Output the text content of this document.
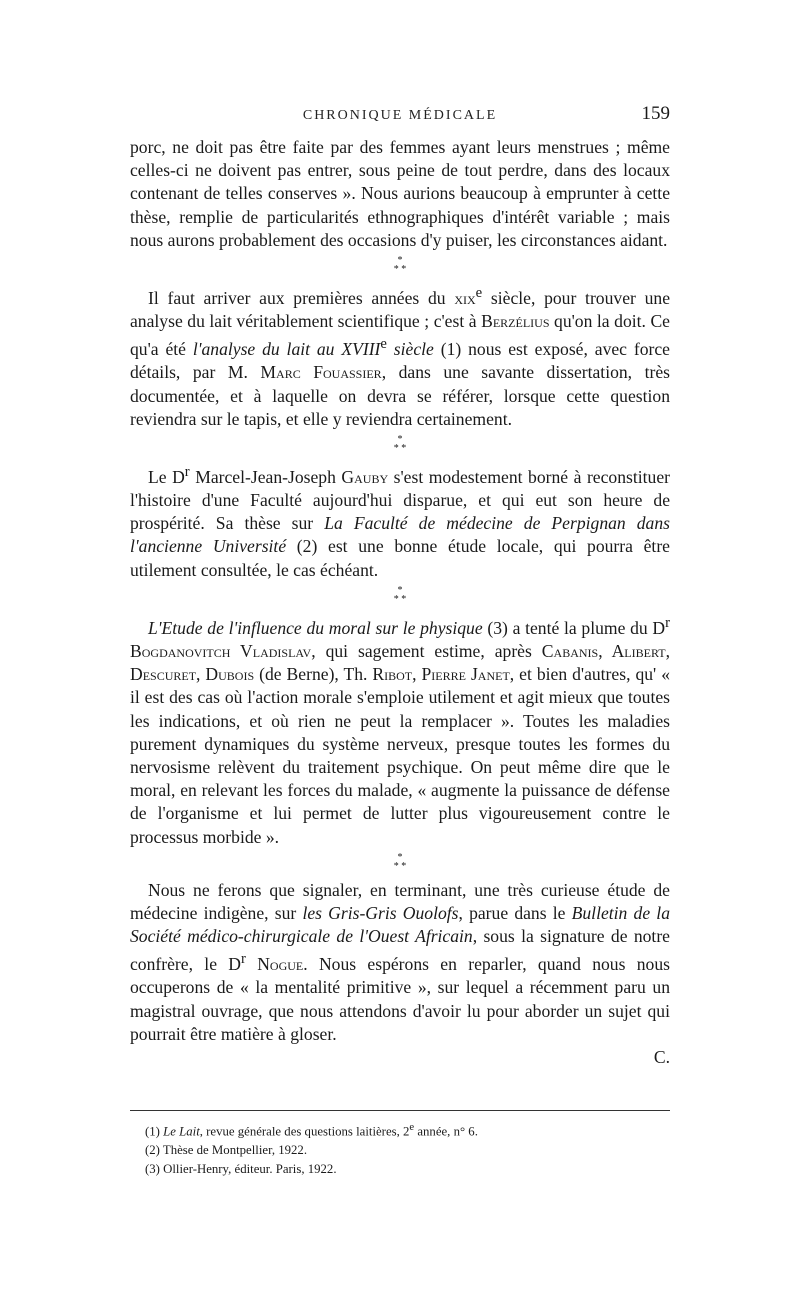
CHRONIQUE MÉDICALE	159

porc, ne doit pas être faite par des femmes ayant leurs menstrues ; même celles-ci ne doivent pas entrer, sous peine de tout perdre, dans des locaux contenant de telles conserves ». Nous aurions beaucoup à emprunter à cette thèse, remplie de particularités ethnographiques d'intérêt variable ; mais nous aurons probablement des occasions d'y puiser, les circonstances aidant.

*

* *

Il faut arriver aux premières années du xix$^e$ siècle, pour trouver une analyse du lait véritablement scientifique ; c'est à Berzélius qu'on la doit. Ce qu'a été l'analyse du lait au XVIIIe siècle (1) nous est exposé, avec force détails, par M. Marc Fouassier, dans une savante dissertation, très documentée, et à laquelle on devra se référer, lorsque cette question reviendra sur le tapis, et elle y reviendra certainement.

*

* *

Le $D^r$ Marcel-Jean-Joseph Gauby s'est modestement borné à reconstituer l'histoire d'une Faculté aujourd'hui disparue, et qui eut son heure de prospérité. Sa thèse sur La Faculté de médecine de Perpignan dans l'ancienne Université (2) est une bonne étude locale, qui pourra être utilement consultée, le cas échéant.

*

* *

L'Etude de l'influence du moral sur le physique (3) a tenté la plume du $D^r$ Bogdanovitch Vladislav, qui sagement estime, après Cabanis, Alibert, Descuret, Dubois (de Berne), Th. Ribot, Pierre Janet, et bien d'autres, qu' « il est des cas où l'action morale s'emploie utilement et agit mieux que toutes les indications, et où rien ne peut la remplacer ». Toutes les maladies purement dynamiques du système nerveux, presque toutes les formes du nervosisme relèvent du traitement psychique. On peut même dire que le moral, en relevant les forces du malade, « augmente la puissance de défense de l'organisme et lui permet de lutter plus vigoureusement contre le processus morbide ».

*

* *

Nous ne ferons que signaler, en terminant, une très curieuse étude de médecine indigène, sur les Gris-Gris Ouolofs, parue dans le Bulletin de la Société médico-chirurgicale de l'Ouest Africain, sous la signature de notre confrère, le $D^r$ Nogue. Nous espérons en reparler, quand nous nous occuperons de « la mentalité primitive », sur lequel a récemment paru un magistral ouvrage, que nous attendons d'avoir lu pour aborder un sujet qui pourrait être matière à gloser.

C.

(1) Le Lait, revue générale des questions laitières, 2e année, n° 6.
(2) Thèse de Montpellier, 1922.
(3) Ollier-Henry, éditeur. Paris, 1922.
